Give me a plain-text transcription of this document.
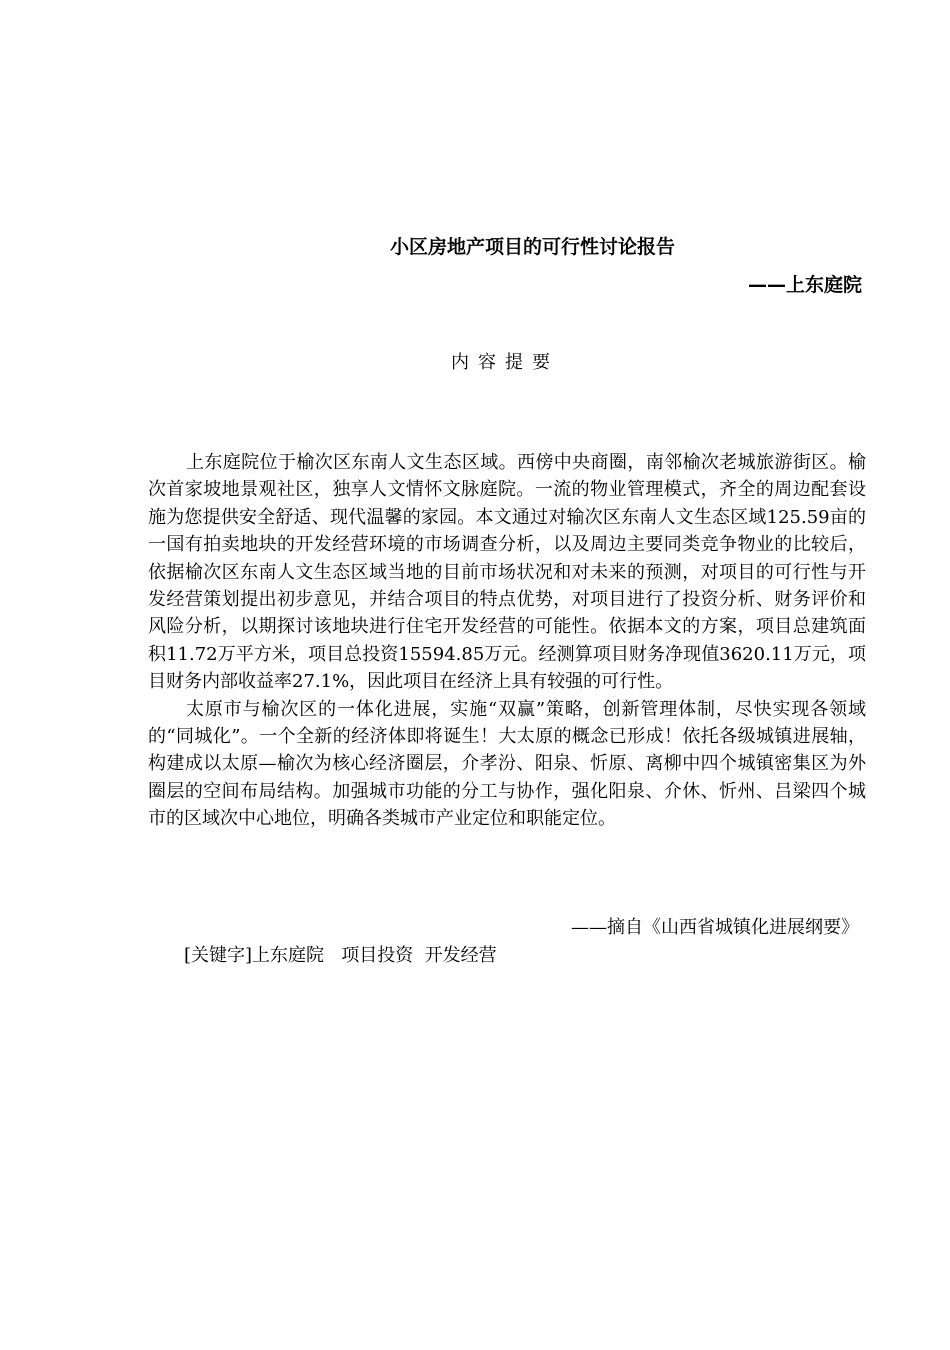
小区房地产项目的可行性讨论报告
——上东庭院
内容提要

上东庭院位于榆次区东南人文生态区域。西傍中央商圈，南邻榆次老城旅游街区。榆次首家坡地景观社区，独享人文情怀文脉庭院。一流的物业管理模式，齐全的周边配套设施为您提供安全舒适、现代温馨的家园。本文通过对输次区东南人文生态区域125.59亩的一国有拍卖地块的开发经营环境的市场调查分析，以及周边主要同类竞争物业的比较后，依据榆次区东南人文生态区域当地的目前市场状况和对未来的预测，对项目的可行性与开发经营策划提出初步意见，并结合项目的特点优势，对项目进行了投资分析、财务评价和风险分析，以期探讨该地块进行住宅开发经营的可能性。依据本文的方案，项目总建筑面积11.72万平方米，项目总投资15594.85万元。经测算项目财务净现值3620.11万元，项目财务内部收益率27.1%，因此项目在经济上具有较强的可行性。

太原市与榆次区的一体化进展，实施“双赢”策略，创新管理体制，尽快实现各领域的“同城化”。一个全新的经济体即将诞生！大太原的概念已形成！依托各级城镇进展轴，构建成以太原—榆次为核心经济圈层，介孝汾、阳泉、忻原、离柳中四个城镇密集区为外圈层的空间布局结构。加强城市功能的分工与协作，强化阳泉、介休、忻州、吕梁四个城市的区域次中心地位，明确各类城市产业定位和职能定位。

——摘自《山西省城镇化进展纲要》
[关键字]上东庭院   项目投资  开发经营
